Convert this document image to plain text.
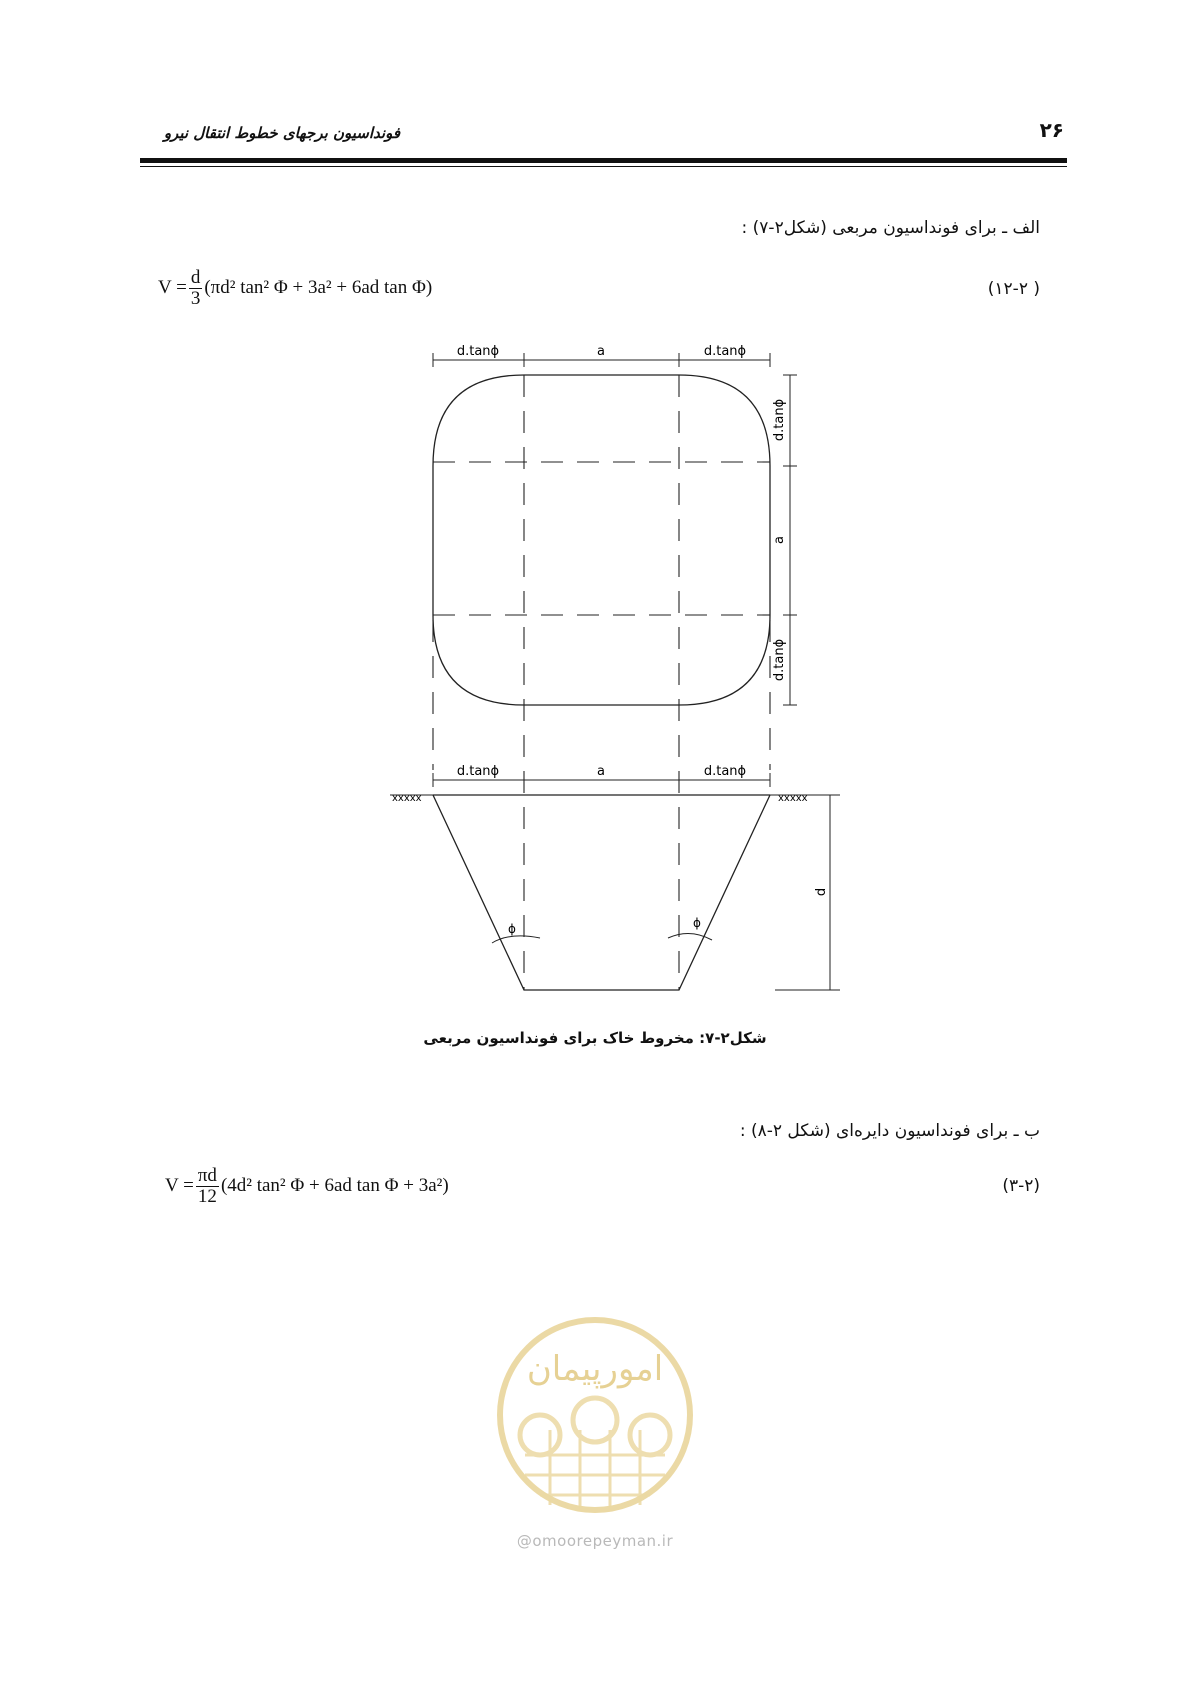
فونداسیون برجهای خطوط انتقال نیرو	۲۶
الف ـ برای فونداسیون مربعی (شکل۲-۷) :
$V = \frac{d}{3} (\pi d^2$ tan² Φ + 3a² + 6ad tan Φ)	( ۱۲-۲)
d.tanϕ	a	d.tanϕ
d.tanϕ
a
d.tanϕ
d.tanϕ	a	d.tanϕ
d
ϕ	ϕ
xxxxx	xxxxx
شکل۲-۷: مخروط خاک برای فونداسیون مربعی
ب ـ برای فونداسیون دایره‌ای (شکل ۲-۸) :
$V = \frac{\pi d}{12} (4d^2$ tan² Φ + 6ad tan Φ + 3a²)	(۳-۲)
امورپیمان
@omoorepeyman.ir
